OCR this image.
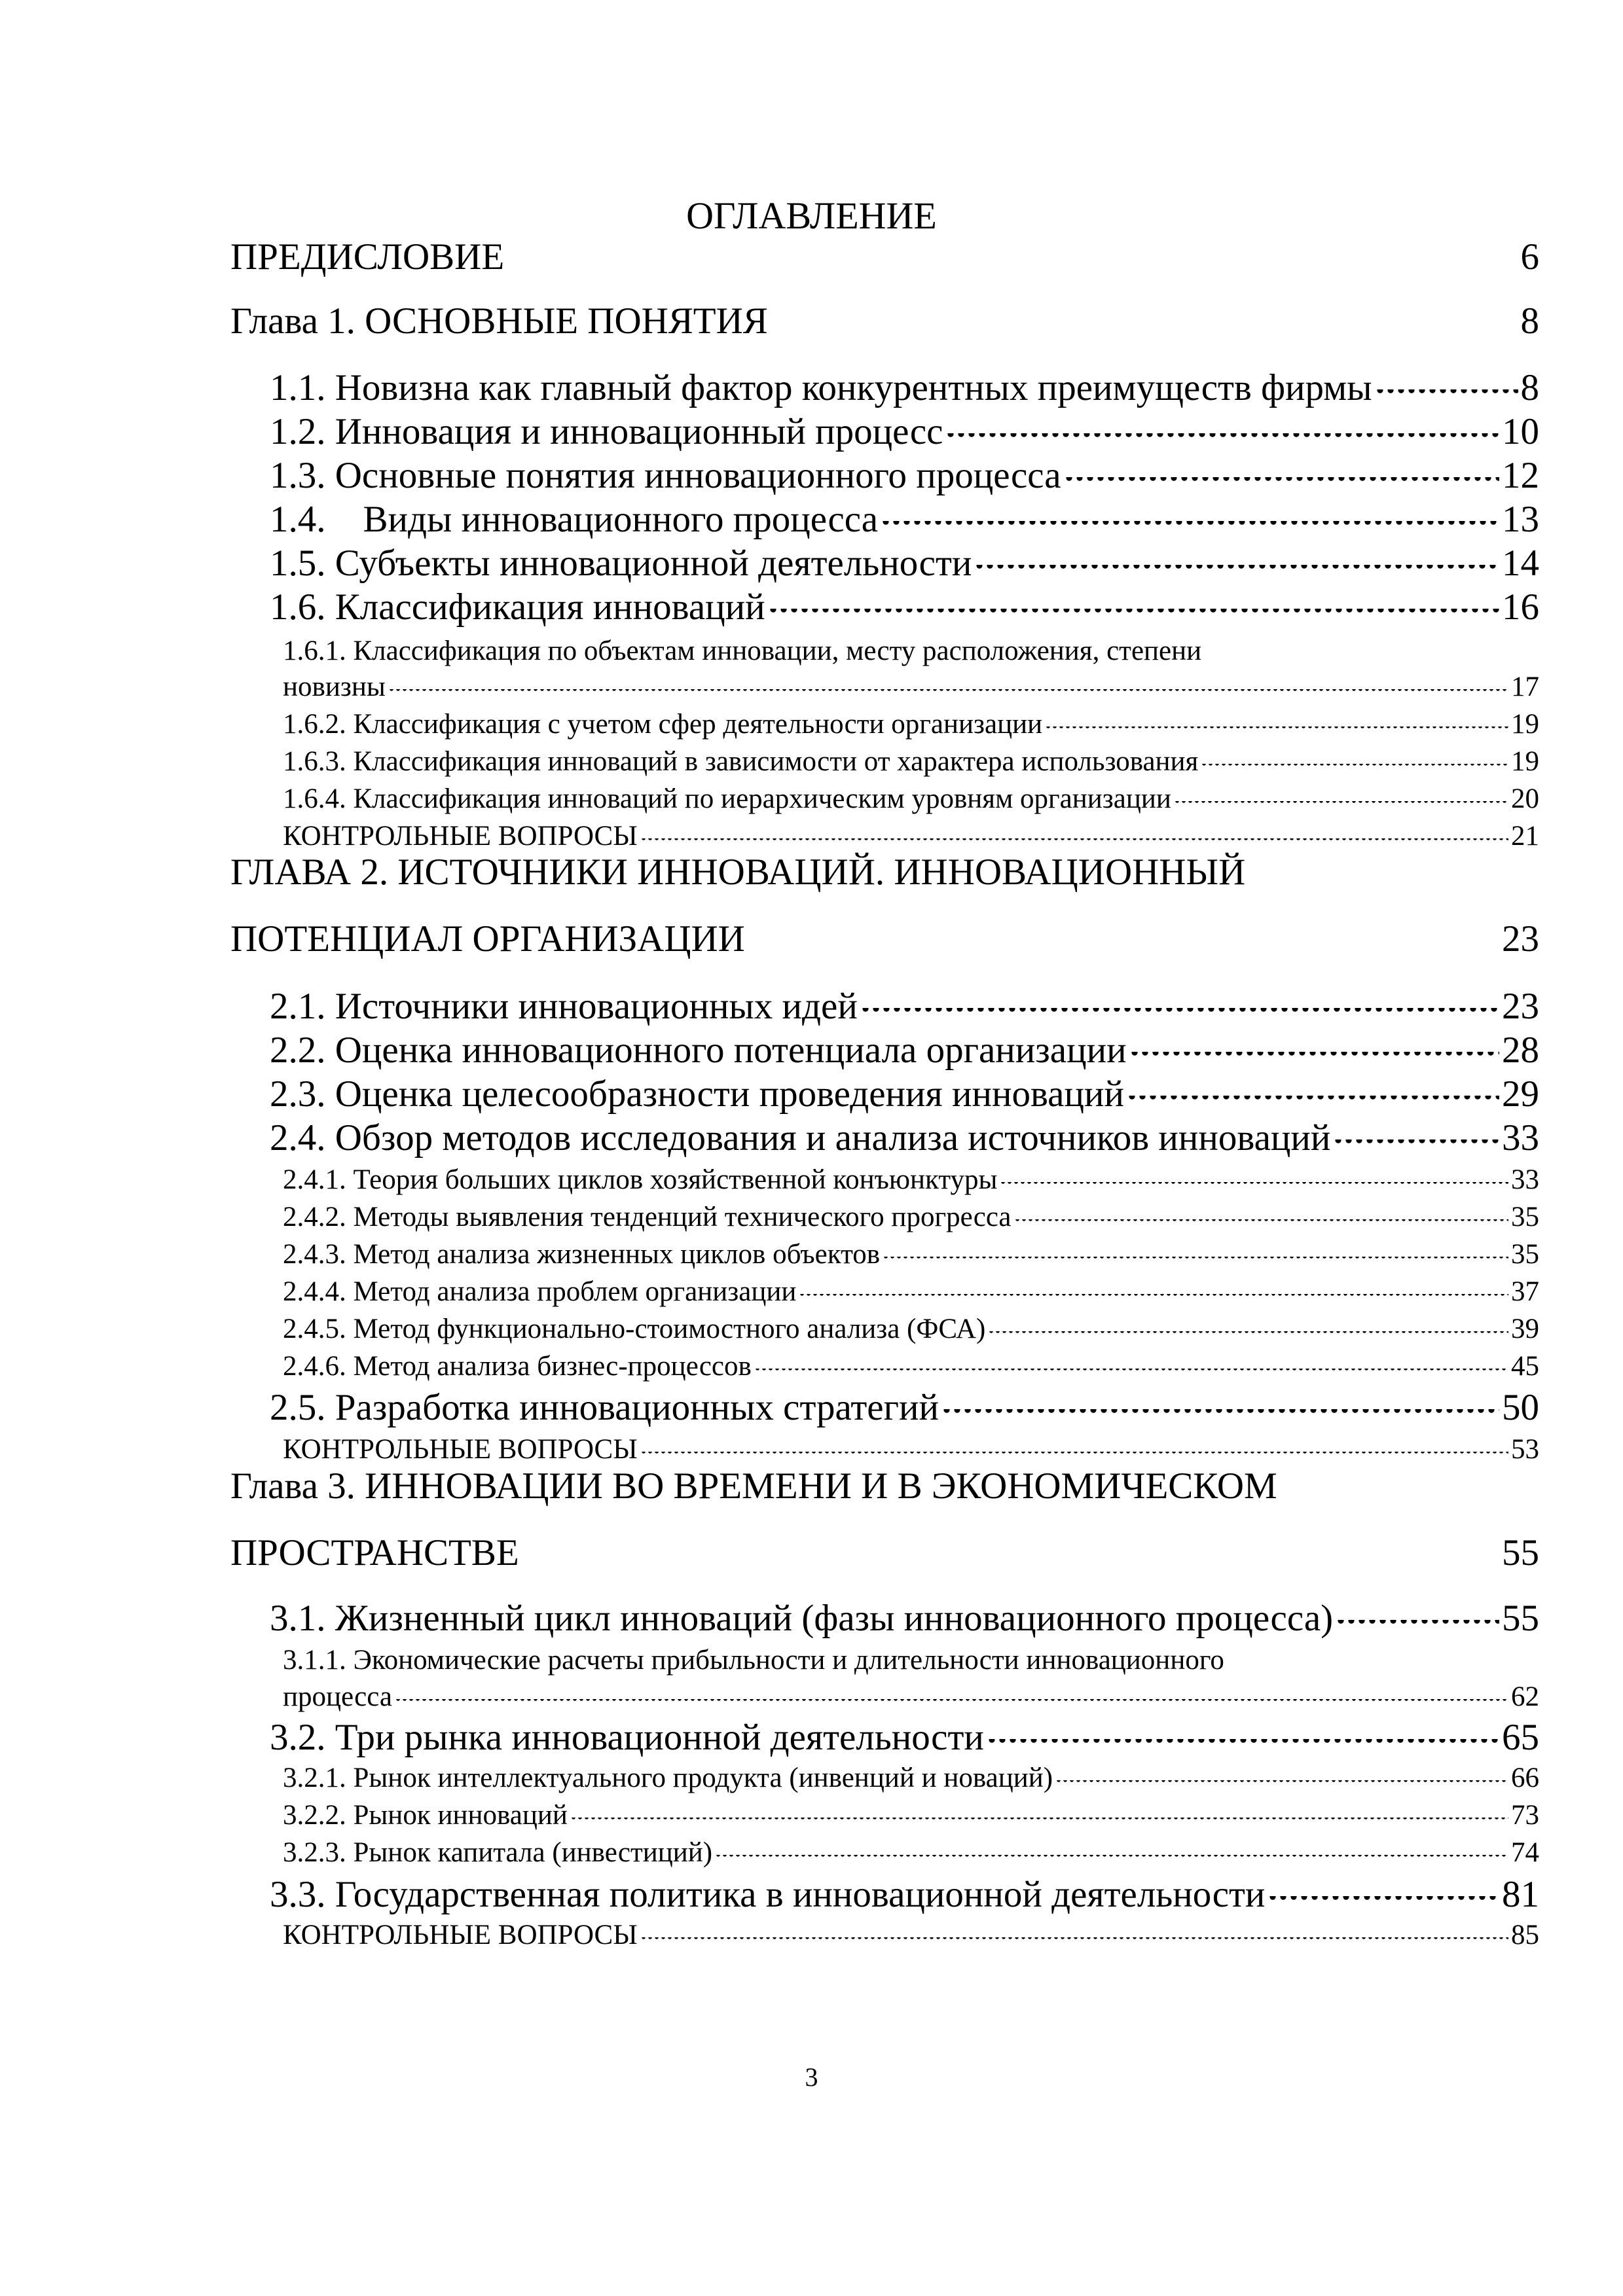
ОГЛАВЛЕНИЕ
ПРЕДИСЛОВИЕ	6
Глава 1. ОСНОВНЫЕ ПОНЯТИЯ	8
1.1. Новизна как главный фактор конкурентных преимуществ фирмы	8
1.2. Инновация и инновационный процесс	10
1.3. Основные понятия инновационного процесса	12
1.4.    Виды инновационного процесса	13
1.5. Субъекты инновационной деятельности	14
1.6. Классификация инноваций	16
1.6.1. Классификация по объектам инновации, месту расположения, степени
новизны	17
1.6.2. Классификация с учетом сфер деятельности организации	19
1.6.3. Классификация инноваций в зависимости от характера использования	19
1.6.4. Классификация инноваций по иерархическим уровням организации	20
КОНТРОЛЬНЫЕ ВОПРОСЫ	21
ГЛАВА 2. ИСТОЧНИКИ ИННОВАЦИЙ. ИННОВАЦИОННЫЙ
ПОТЕНЦИАЛ ОРГАНИЗАЦИИ	23
2.1. Источники инновационных идей	23
2.2. Оценка инновационного потенциала организации	28
2.3. Оценка целесообразности проведения инноваций	29
2.4. Обзор методов исследования и анализа источников инноваций	33
2.4.1. Теория больших циклов хозяйственной конъюнктуры	33
2.4.2. Методы выявления тенденций технического прогресса	35
2.4.3. Метод анализа жизненных циклов объектов	35
2.4.4. Метод анализа проблем организации	37
2.4.5. Метод функционально-стоимостного анализа (ФСА)	39
2.4.6. Метод анализа бизнес-процессов	45
2.5. Разработка инновационных стратегий	50
КОНТРОЛЬНЫЕ ВОПРОСЫ	53
Глава 3. ИННОВАЦИИ ВО ВРЕМЕНИ И В ЭКОНОМИЧЕСКОМ
ПРОСТРАНСТВЕ	55
3.1. Жизненный цикл инноваций (фазы инновационного процесса)	55
3.1.1. Экономические расчеты прибыльности и длительности инновационного
процесса	62
3.2. Три рынка инновационной деятельности	65
3.2.1. Рынок интеллектуального продукта (инвенций и новаций)	66
3.2.2. Рынок инноваций	73
3.2.3. Рынок капитала (инвестиций)	74
3.3. Государственная политика в инновационной деятельности	81
КОНТРОЛЬНЫЕ ВОПРОСЫ	85
3
